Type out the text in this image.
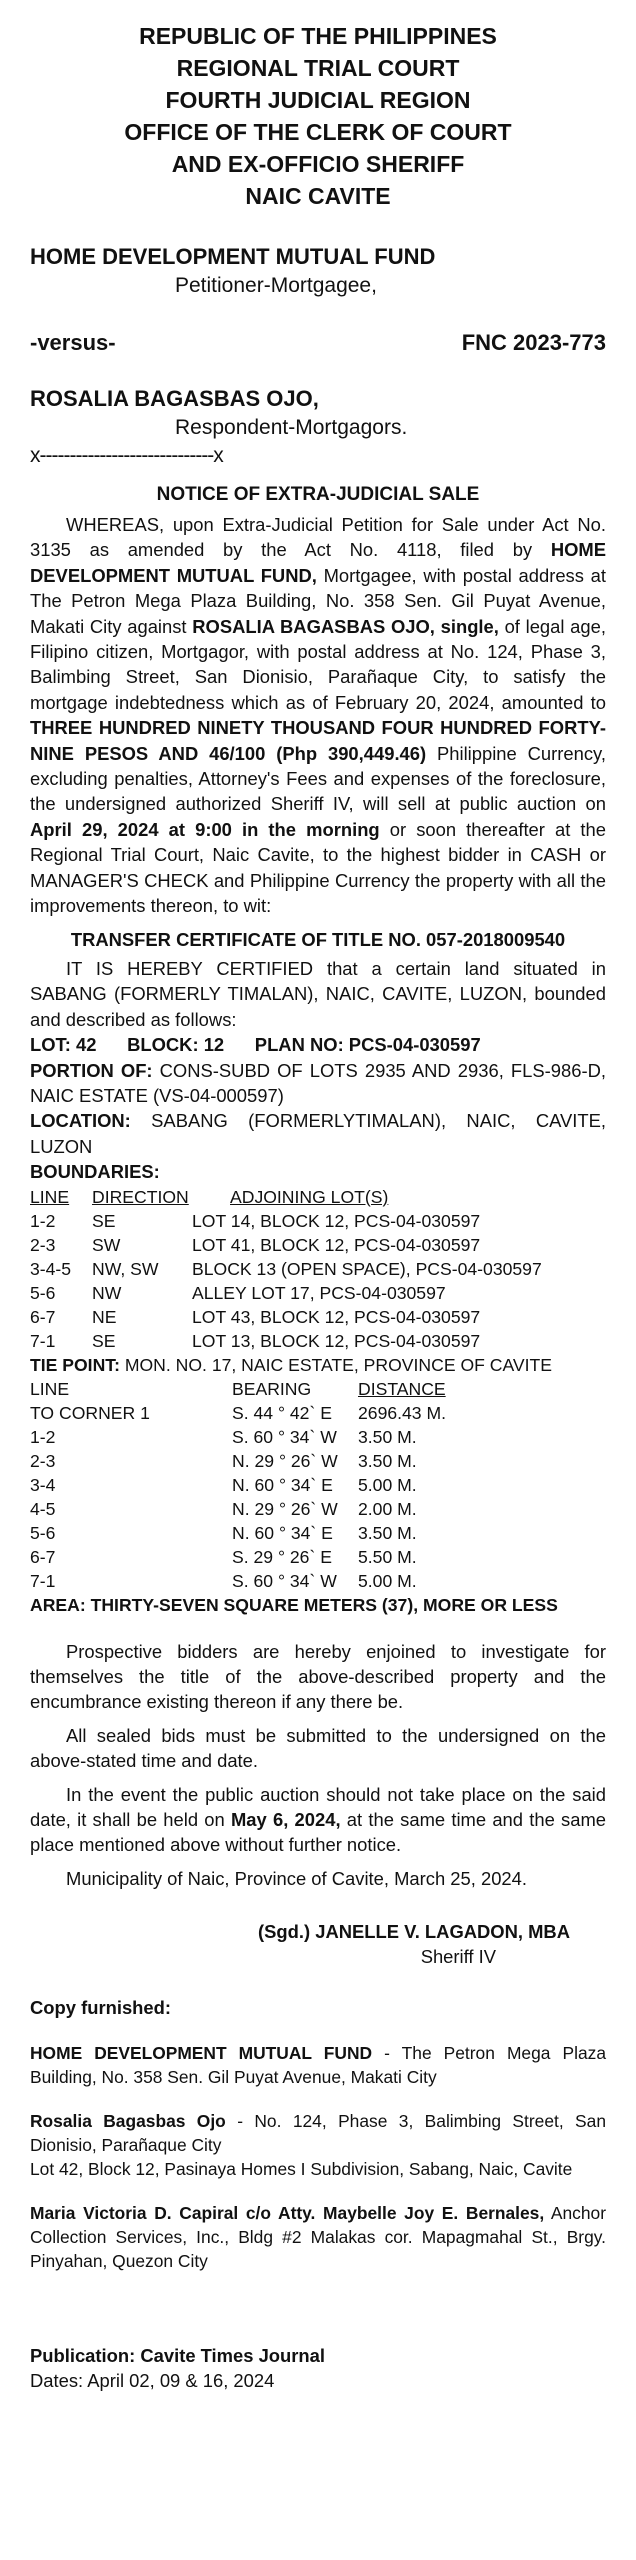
REPUBLIC OF THE PHILIPPINES
REGIONAL TRIAL COURT
FOURTH JUDICIAL REGION
OFFICE OF THE CLERK OF COURT
AND EX-OFFICIO SHERIFF
NAIC CAVITE
HOME DEVELOPMENT MUTUAL FUND
Petitioner-Mortgagee,
-versus-	FNC 2023-773
ROSALIA BAGASBAS OJO,
Respondent-Mortgagors.
x-----------------------------x
NOTICE OF EXTRA-JUDICIAL SALE

WHEREAS, upon Extra-Judicial Petition for Sale under Act No. 3135 as amended by the Act No. 4118, filed by HOME DEVELOPMENT MUTUAL FUND, Mortgagee, with postal address at The Petron Mega Plaza Building, No. 358 Sen. Gil Puyat Avenue, Makati City against ROSALIA BAGASBAS OJO, single, of legal age, Filipino citizen, Mortgagor, with postal address at No. 124, Phase 3, Balimbing Street, San Dionisio, Parañaque City, to satisfy the mortgage indebtedness which as of February 20, 2024, amounted to THREE HUNDRED NINETY THOUSAND FOUR HUNDRED FORTY-NINE PESOS AND 46/100 (Php 390,449.46) Philippine Currency, excluding penalties, Attorney's Fees and expenses of the foreclosure, the undersigned authorized Sheriff IV, will sell at public auction on April 29, 2024 at 9:00 in the morning or soon thereafter at the Regional Trial Court, Naic Cavite, to the highest bidder in CASH or MANAGER'S CHECK and Philippine Currency the property with all the improvements thereon, to wit:

TRANSFER CERTIFICATE OF TITLE NO. 057-2018009540

IT IS HEREBY CERTIFIED that a certain land situated in SABANG (FORMERLY TIMALAN), NAIC, CAVITE, LUZON, bounded and described as follows:

LOT: 42      BLOCK: 12      PLAN NO: PCS-04-030597
PORTION OF: CONS-SUBD OF LOTS 2935 AND 2936, FLS-986-D, NAIC ESTATE (VS-04-000597)
LOCATION: SABANG (FORMERLYTIMALAN), NAIC, CAVITE, LUZON
BOUNDARIES:
LINE	DIRECTION	ADJOINING LOT(S)
1-2	SE	LOT 14, BLOCK 12, PCS-04-030597
2-3	SW	LOT 41, BLOCK 12, PCS-04-030597
3-4-5	NW, SW	BLOCK 13 (OPEN SPACE), PCS-04-030597
5-6	NW	ALLEY LOT 17, PCS-04-030597
6-7	NE	LOT 43, BLOCK 12, PCS-04-030597
7-1	SE	LOT 13, BLOCK 12, PCS-04-030597
TIE POINT: MON. NO. 17, NAIC ESTATE, PROVINCE OF CAVITE
LINE	BEARING	DISTANCE
TO CORNER 1	S. 44 ° 42` E	2696.43 M.
1-2	S. 60 ° 34` W	3.50 M.
2-3	N. 29 ° 26` W	3.50 M.
3-4	N. 60 ° 34` E	5.00 M.
4-5	N. 29 ° 26` W	2.00 M.
5-6	N. 60 ° 34` E	3.50 M.
6-7	S. 29 ° 26` E	5.50 M.
7-1	S. 60 ° 34` W	5.00 M.
AREA: THIRTY-SEVEN SQUARE METERS (37), MORE OR LESS

Prospective bidders are hereby enjoined to investigate for themselves the title of the above-described property and the encumbrance existing thereon if any there be.

All sealed bids must be submitted to the undersigned on the above-stated time and date.

In the event the public auction should not take place on the said date, it shall be held on May 6, 2024, at the same time and the same place mentioned above without further notice.

Municipality of Naic, Province of Cavite, March 25, 2024.

(Sgd.) JANELLE V. LAGADON, MBA
Sheriff IV
Copy furnished:

HOME DEVELOPMENT MUTUAL FUND - The Petron Mega Plaza Building, No. 358 Sen. Gil Puyat Avenue, Makati City

Rosalia Bagasbas Ojo - No. 124, Phase 3, Balimbing Street, San Dionisio, Parañaque City

Lot 42, Block 12, Pasinaya Homes I Subdivision, Sabang, Naic, Cavite

Maria Victoria D. Capiral c/o Atty. Maybelle Joy E. Bernales, Anchor Collection Services, Inc., Bldg #2 Malakas cor. Mapagmahal St., Brgy. Pinyahan, Quezon City

Publication: Cavite Times Journal
Dates: April 02, 09 & 16, 2024
